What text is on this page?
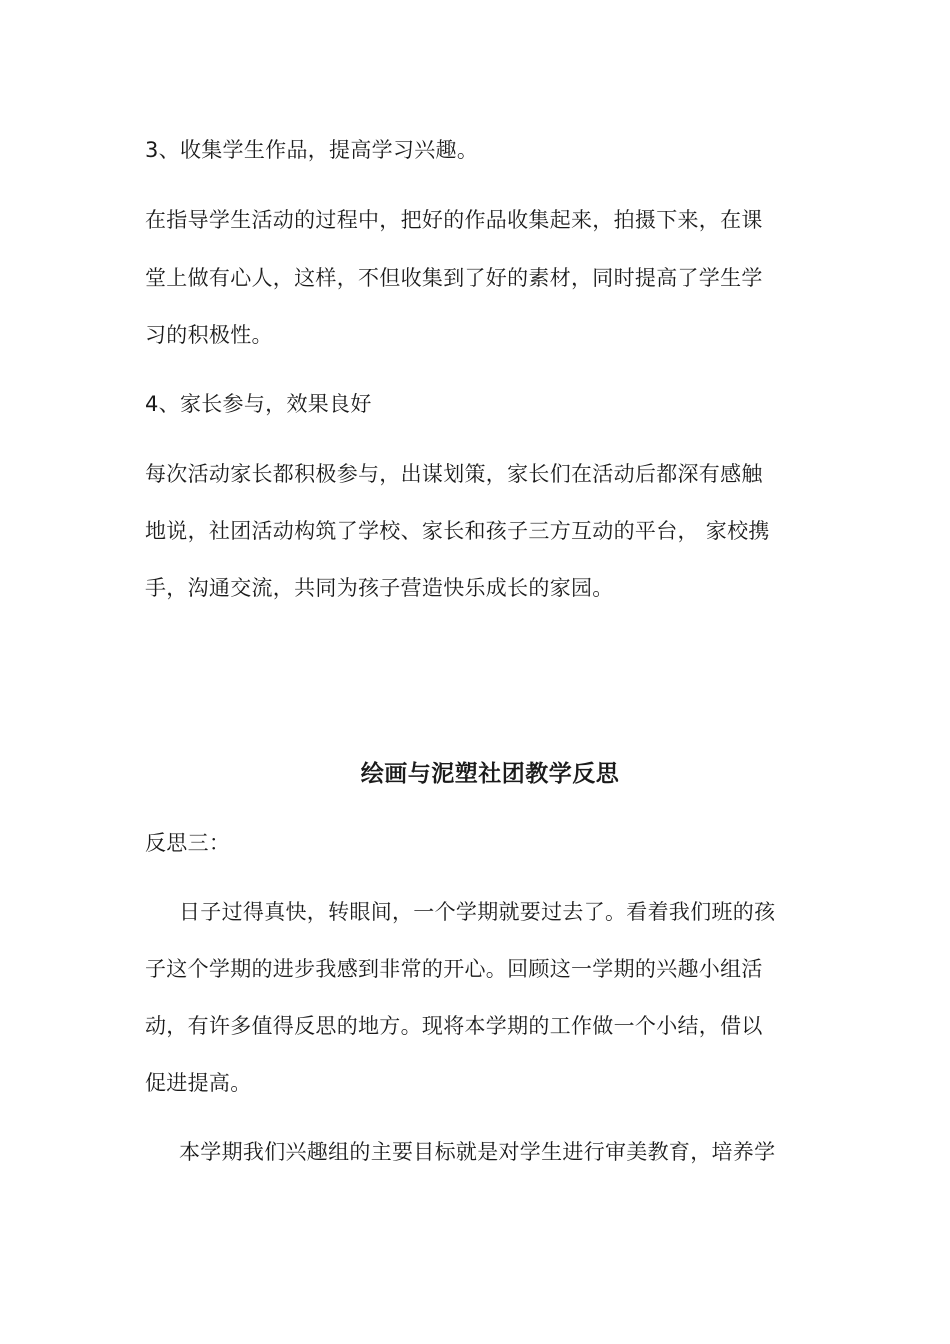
3、收集学生作品，提高学习兴趣。
在指导学生活动的过程中，把好的作品收集起来，拍摄下来，在课
堂上做有心人，这样，不但收集到了好的素材，同时提高了学生学
习的积极性。
4、家长参与，效果良好
每次活动家长都积极参与，出谋划策，家长们在活动后都深有感触
地说，社团活动构筑了学校、家长和孩子三方互动的平台， 家校携
手，沟通交流，共同为孩子营造快乐成长的家园。
绘画与泥塑社团教学反思
反思三：
日子过得真快，转眼间，一个学期就要过去了。看着我们班的孩
子这个学期的进步我感到非常的开心。回顾这一学期的兴趣小组活
动，有许多值得反思的地方。现将本学期的工作做一个小结，借以
促进提高。
本学期我们兴趣组的主要目标就是对学生进行审美教育，培养学
